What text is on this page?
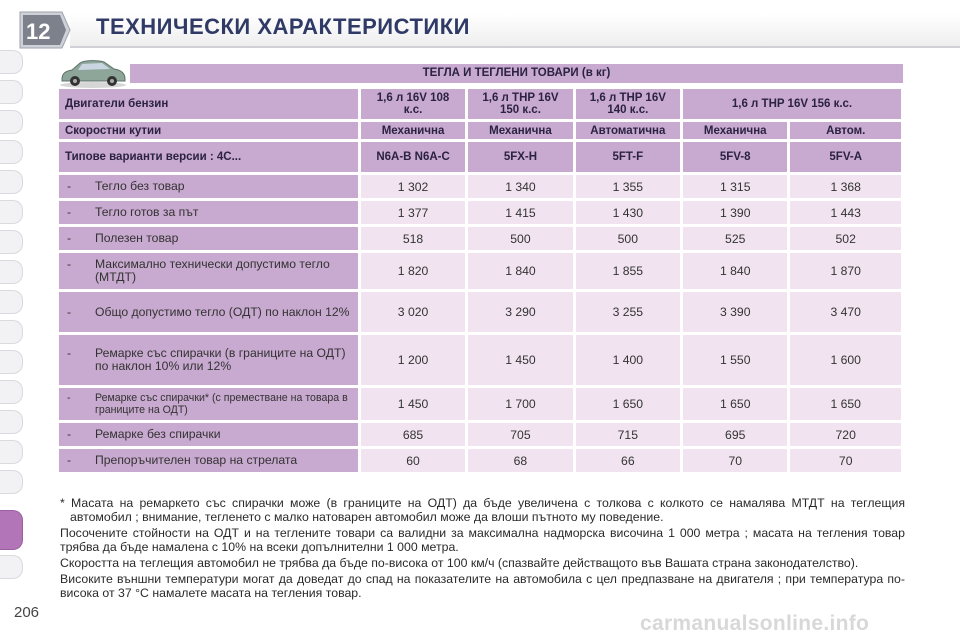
12 ТЕХНИЧЕСКИ ХАРАКТЕРИСТИКИ
ТЕГЛА И ТЕГЛЕНИ ТОВАРИ (в кг)
Двигатели бензин	1,6 л 16V 108 к.с.	1,6 л THP 16V 150 к.с.	1,6 л THP 16V 140 к.с.	1,6 л THP 16V 156 к.с.	
Скоростни кутии	Механична	Механична	Автоматична	Механична	Автом.
Типове варианти версии : 4C...	N6A-B N6A-C	5FX-H	5FT-F	5FV-8	5FV-A

- Тегло без товар	1 302	1 340	1 355	1 315	1 368

- Тегло готов за път	1 377	1 415	1 430	1 390	1 443

- Полезен товар	518	500	500	525	502

- Максимално технически допустимо тегло (МТДТ)	1 820	1 840	1 855	1 840	1 870

- Общо допустимо тегло (ОДТ) по наклон 12%	3 020	3 290	3 255	3 390	3 470

- Ремарке със спирачки (в границите на ОДТ) по наклон 10% или 12%	1 200	1 450	1 400	1 550	1 600

- Ремарке със спирачки* (с преместване на товара в границите на ОДТ)	1 450	1 700	1 650	1 650	1 650

- Ремарке без спирачки	685	705	715	695	720

- Препоръчителен товар на стрелата	60	68	66	70	70

* Масата на ремаркето със спирачки може (в границите на ОДТ) да бъде увеличена с толкова с колкото се намалява МТДТ на теглещия автомобил ; внимание, тегленето с малко натоварен автомобил може да влоши пътното му поведение.

Посочените стойности на ОДТ и на теглените товари са валидни за максимална надморска височина 1 000 метра ; масата на тегления товар трябва да бъде намалена с 10% на всеки допълнителни 1 000 метра.

Скоростта на теглещия автомобил не трябва да бъде по-висока от 100 км/ч (спазвайте действащото във Вашата страна законодателство).

Високите външни температури могат да доведат до спад на показателите на автомобила с цел предпазване на двигателя ; при температура по-висока от 37 °C намалете масата на тегления товар.

206	carmanualsonline.info
